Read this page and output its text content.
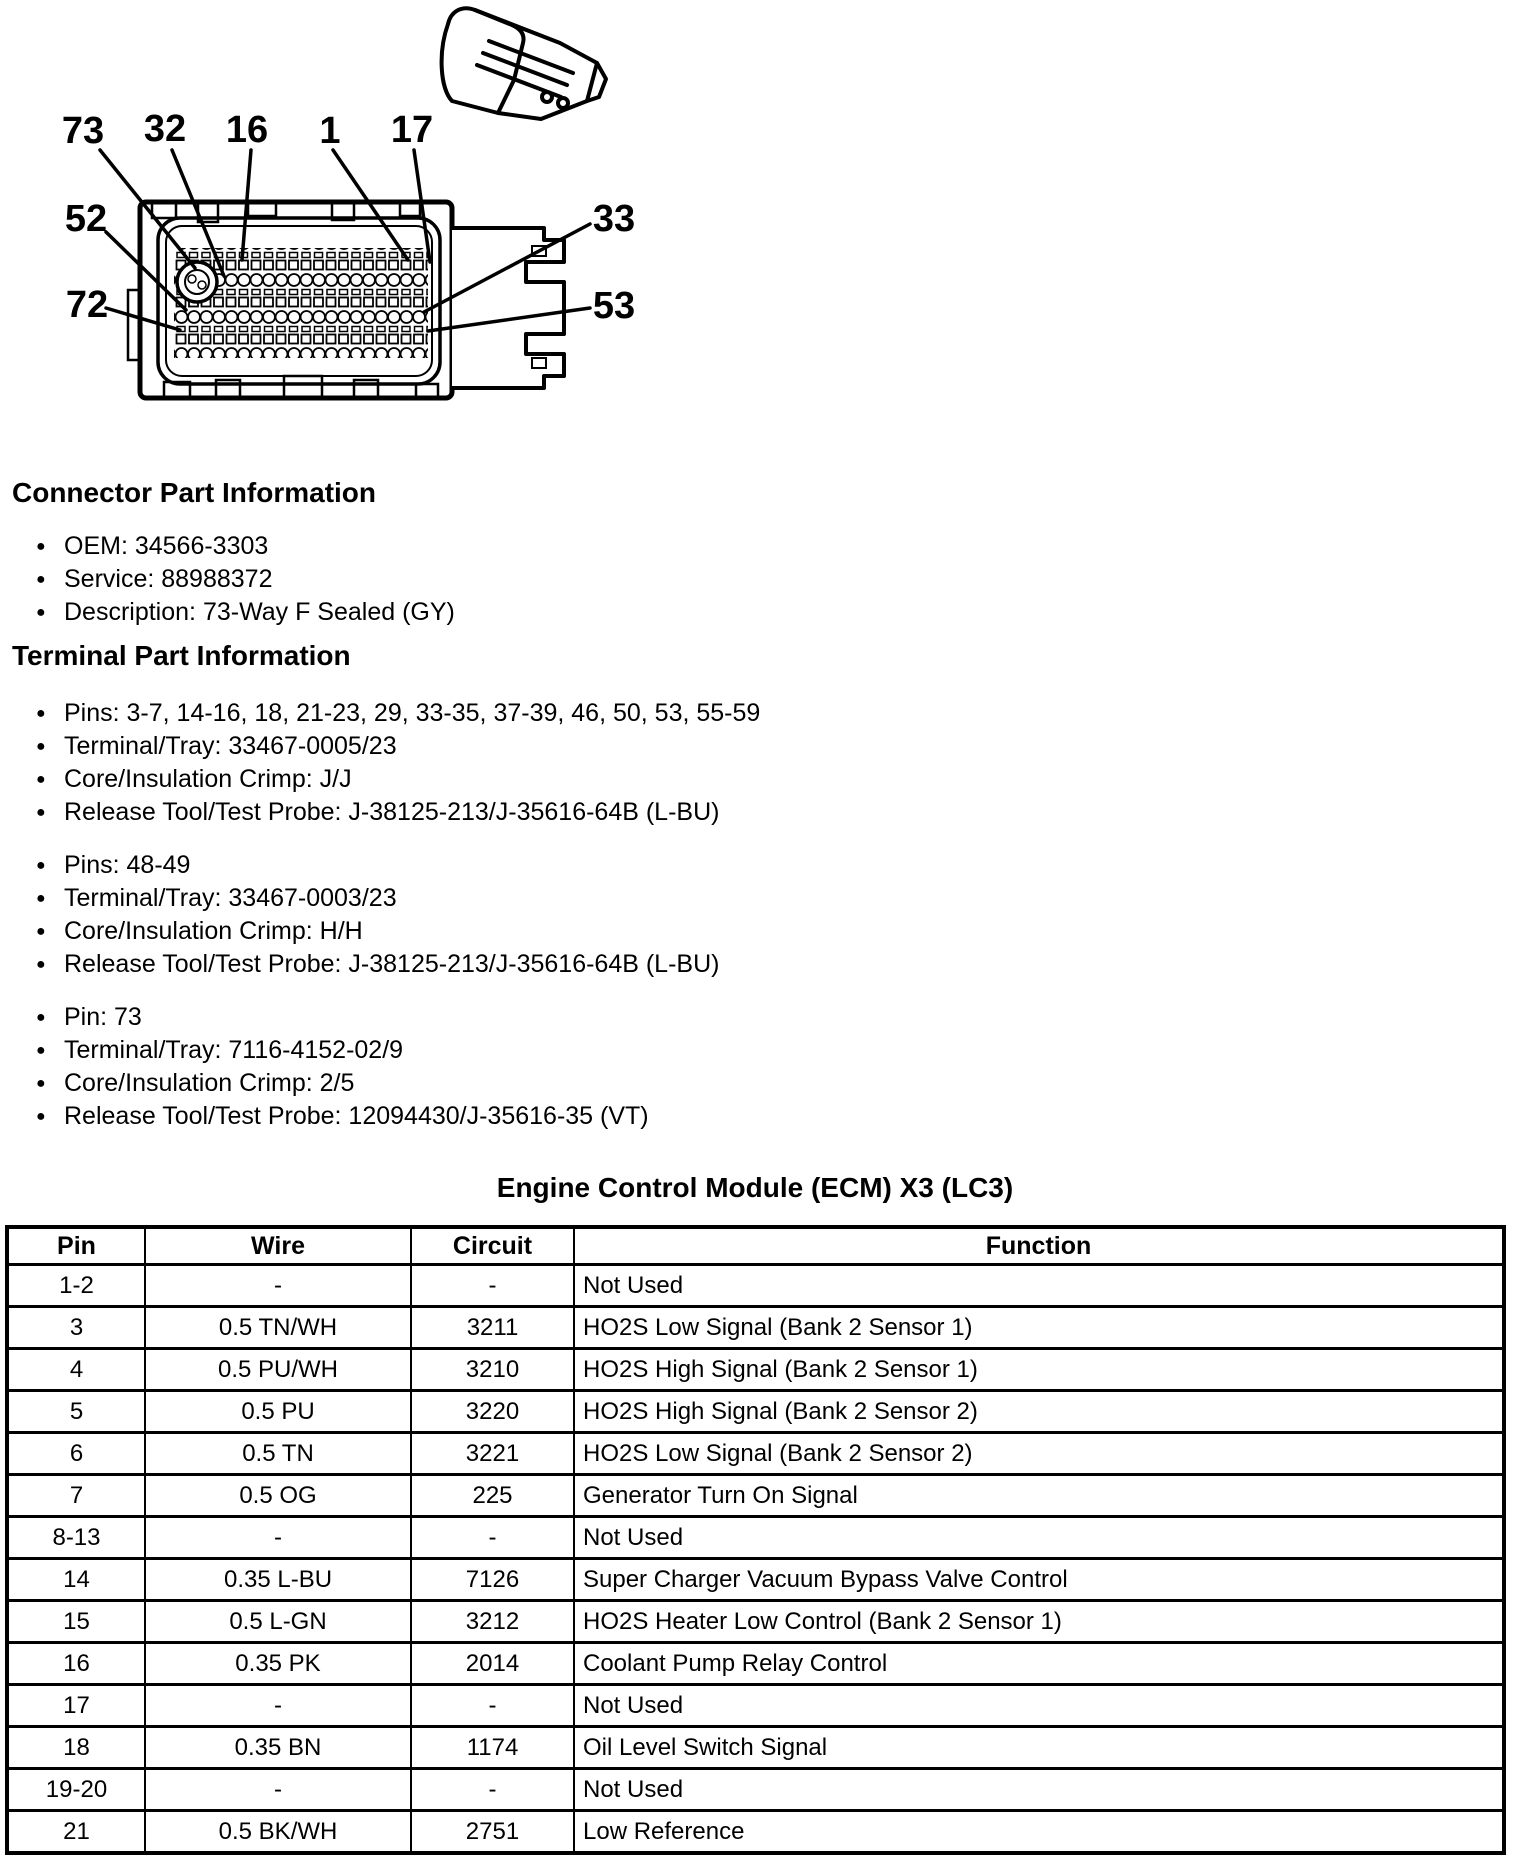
73 32 16 1 17
52
72
33
53
Connector Part Information
● OEM: 34566-3303
● Service: 88988372
● Description: 73-Way F Sealed (GY)
Terminal Part Information
● Pins: 3-7, 14-16, 18, 21-23, 29, 33-35, 37-39, 46, 50, 53, 55-59
● Terminal/Tray: 33467-0005/23
● Core/Insulation Crimp: J/J
● Release Tool/Test Probe: J-38125-213/J-35616-64B (L-BU)
● Pins: 48-49
● Terminal/Tray: 33467-0003/23
● Core/Insulation Crimp: H/H
● Release Tool/Test Probe: J-38125-213/J-35616-64B (L-BU)
● Pin: 73
● Terminal/Tray: 7116-4152-02/9
● Core/Insulation Crimp: 2/5
● Release Tool/Test Probe: 12094430/J-35616-35 (VT)
Engine Control Module (ECM) X3 (LC3)
Pin	Wire	Circuit	Function
1-2	-	-	Not Used
3	0.5 TN/WH	3211	HO2S Low Signal (Bank 2 Sensor 1)
4	0.5 PU/WH	3210	HO2S High Signal (Bank 2 Sensor 1)
5	0.5 PU	3220	HO2S High Signal (Bank 2 Sensor 2)
6	0.5 TN	3221	HO2S Low Signal (Bank 2 Sensor 2)
7	0.5 OG	225	Generator Turn On Signal
8-13	-	-	Not Used
14	0.35 L-BU	7126	Super Charger Vacuum Bypass Valve Control
15	0.5 L-GN	3212	HO2S Heater Low Control (Bank 2 Sensor 1)
16	0.35 PK	2014	Coolant Pump Relay Control
17	-	-	Not Used
18	0.35 BN	1174	Oil Level Switch Signal
19-20	-	-	Not Used
21	0.5 BK/WH	2751	Low Reference
